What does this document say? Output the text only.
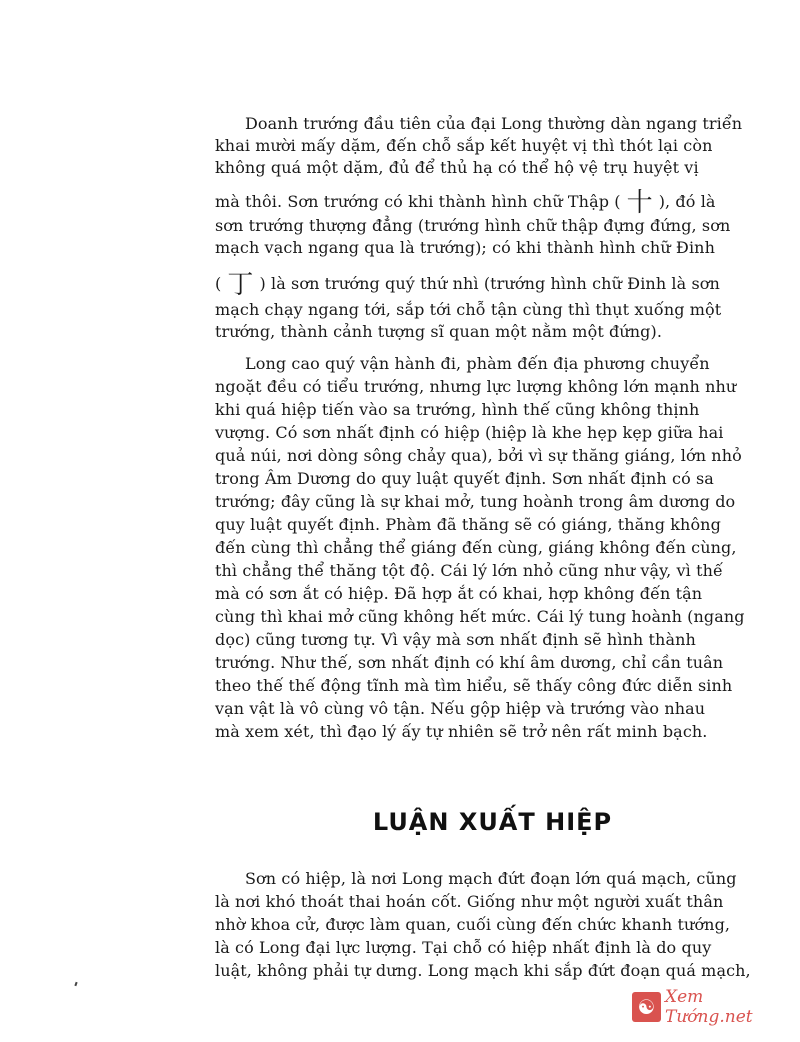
Doanh trướng đầu tiên của đại Long thường dàn ngang triển
khai mười mấy dặm, đến chỗ sắp kết huyệt vị thì thót lại còn
không quá một dặm, đủ để thủ hạ có thể hộ vệ trụ huyệt vị
mà thôi. Sơn trướng có khi thành hình chữ Thập ( 十 ), đó là
sơn trướng thượng đẳng (trướng hình chữ thập đựng đứng, sơn
mạch vạch ngang qua là trướng); có khi thành hình chữ Đinh
( 丁 ) là sơn trướng quý thứ nhì (trướng hình chữ Đinh là sơn
mạch chạy ngang tới, sắp tới chỗ tận cùng thì thụt xuống một
trướng, thành cảnh tượng sĩ quan một nằm một đứng).
Long cao quý vận hành đi, phàm đến địa phương chuyển
ngoặt đều có tiểu trướng, nhưng lực lượng không lớn mạnh như
khi quá hiệp tiến vào sa trướng, hình thế cũng không thịnh
vượng. Có sơn nhất định có hiệp (hiệp là khe hẹp kẹp giữa hai
quả núi, nơi dòng sông chảy qua), bởi vì sự thăng giáng, lớn nhỏ
trong Âm Dương do quy luật quyết định. Sơn nhất định có sa
trướng; đây cũng là sự khai mở, tung hoành trong âm dương do
quy luật quyết định. Phàm đã thăng sẽ có giáng, thăng không
đến cùng thì chẳng thể giáng đến cùng, giáng không đến cùng,
thì chẳng thể thăng tột độ. Cái lý lớn nhỏ cũng như vậy, vì thế
mà có sơn ắt có hiệp. Đã hợp ắt có khai, hợp không đến tận
cùng thì khai mở cũng không hết mức. Cái lý tung hoành (ngang
dọc) cũng tương tự. Vì vậy mà sơn nhất định sẽ hình thành
trướng. Như thế, sơn nhất định có khí âm dương, chỉ cần tuân
theo thế thế động tĩnh mà tìm hiểu, sẽ thấy công đức diễn sinh
vạn vật là vô cùng vô tận. Nếu gộp hiệp và trướng vào nhau
mà xem xét, thì đạo lý ấy tự nhiên sẽ trở nên rất minh bạch.
LUẬN XUẤT HIỆP
Sơn có hiệp, là nơi Long mạch đứt đoạn lớn quá mạch, cũng
là nơi khó thoát thai hoán cốt. Giống như một người xuất thân
nhờ khoa cử, được làm quan, cuối cùng đến chức khanh tướng,
là có Long đại lực lượng. Tại chỗ có hiệp nhất định là do quy
luật, không phải tự dưng. Long mạch khi sắp đứt đoạn quá mạch,
☯ Xem Tướng.net
